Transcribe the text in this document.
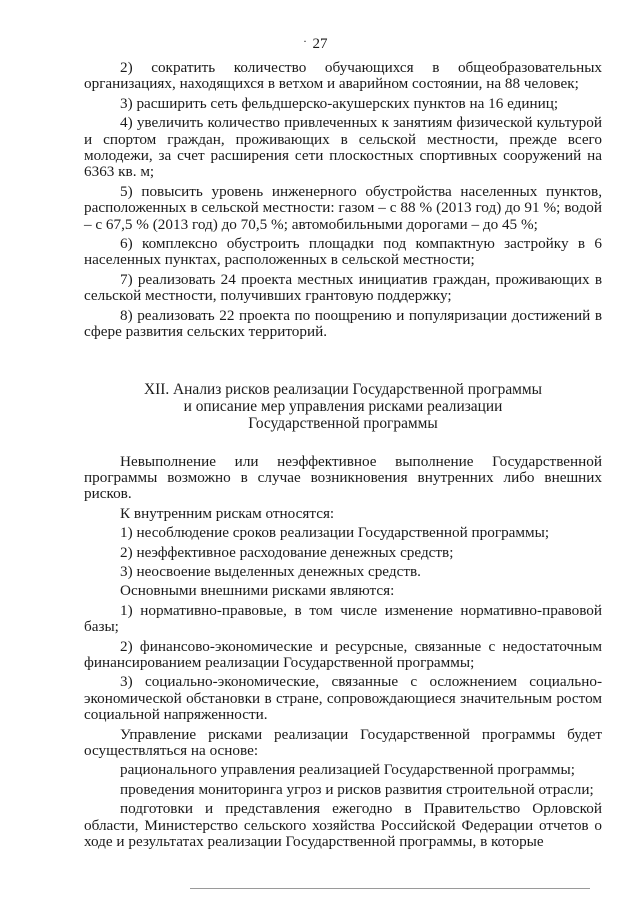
· 27

2) сократить количество обучающихся в общеобразовательных организациях, находящихся в ветхом и аварийном состоянии, на 88 человек;

3) расширить сеть фельдшерско-акушерских пунктов на 16 единиц;

4) увеличить количество привлеченных к занятиям физической культурой и спортом граждан, проживающих в сельской местности, прежде всего молодежи, за счет расширения сети плоскостных спортивных сооружений на 6363 кв. м;

5) повысить уровень инженерного обустройства населенных пунктов, расположенных в сельской местности: газом – с 88 % (2013 год) до 91 %; водой – с 67,5 % (2013 год) до 70,5 %; автомобильными дорогами – до 45 %;

6) комплексно обустроить площадки под компактную застройку в 6 населенных пунктах, расположенных в сельской местности;

7) реализовать 24 проекта местных инициатив граждан, проживающих в сельской местности, получивших грантовую поддержку;

8) реализовать 22 проекта по поощрению и популяризации достижений в сфере развития сельских территорий.

XII. Анализ рисков реализации Государственной программы
и описание мер управления рисками реализации
Государственной программы

Невыполнение или неэффективное выполнение Государственной программы возможно в случае возникновения внутренних либо внешних рисков.

К внутренним рискам относятся:

1) несоблюдение сроков реализации Государственной программы;

2) неэффективное расходование денежных средств;

3) неосвоение выделенных денежных средств.

Основными внешними рисками являются:

1) нормативно-правовые, в том числе изменение нормативно-правовой базы;

2) финансово-экономические и ресурсные, связанные с недостаточным финансированием реализации Государственной программы;

3) социально-экономические, связанные с осложнением социально-экономической обстановки в стране, сопровождающиеся значительным ростом социальной напряженности.

Управление рисками реализации Государственной программы будет осуществляться на основе:

рационального управления реализацией Государственной программы;

проведения мониторинга угроз и рисков развития строительной отрасли;

подготовки и представления ежегодно в Правительство Орловской области, Министерство сельского хозяйства Российской Федерации отчетов о ходе и результатах реализации Государственной программы, в которые
